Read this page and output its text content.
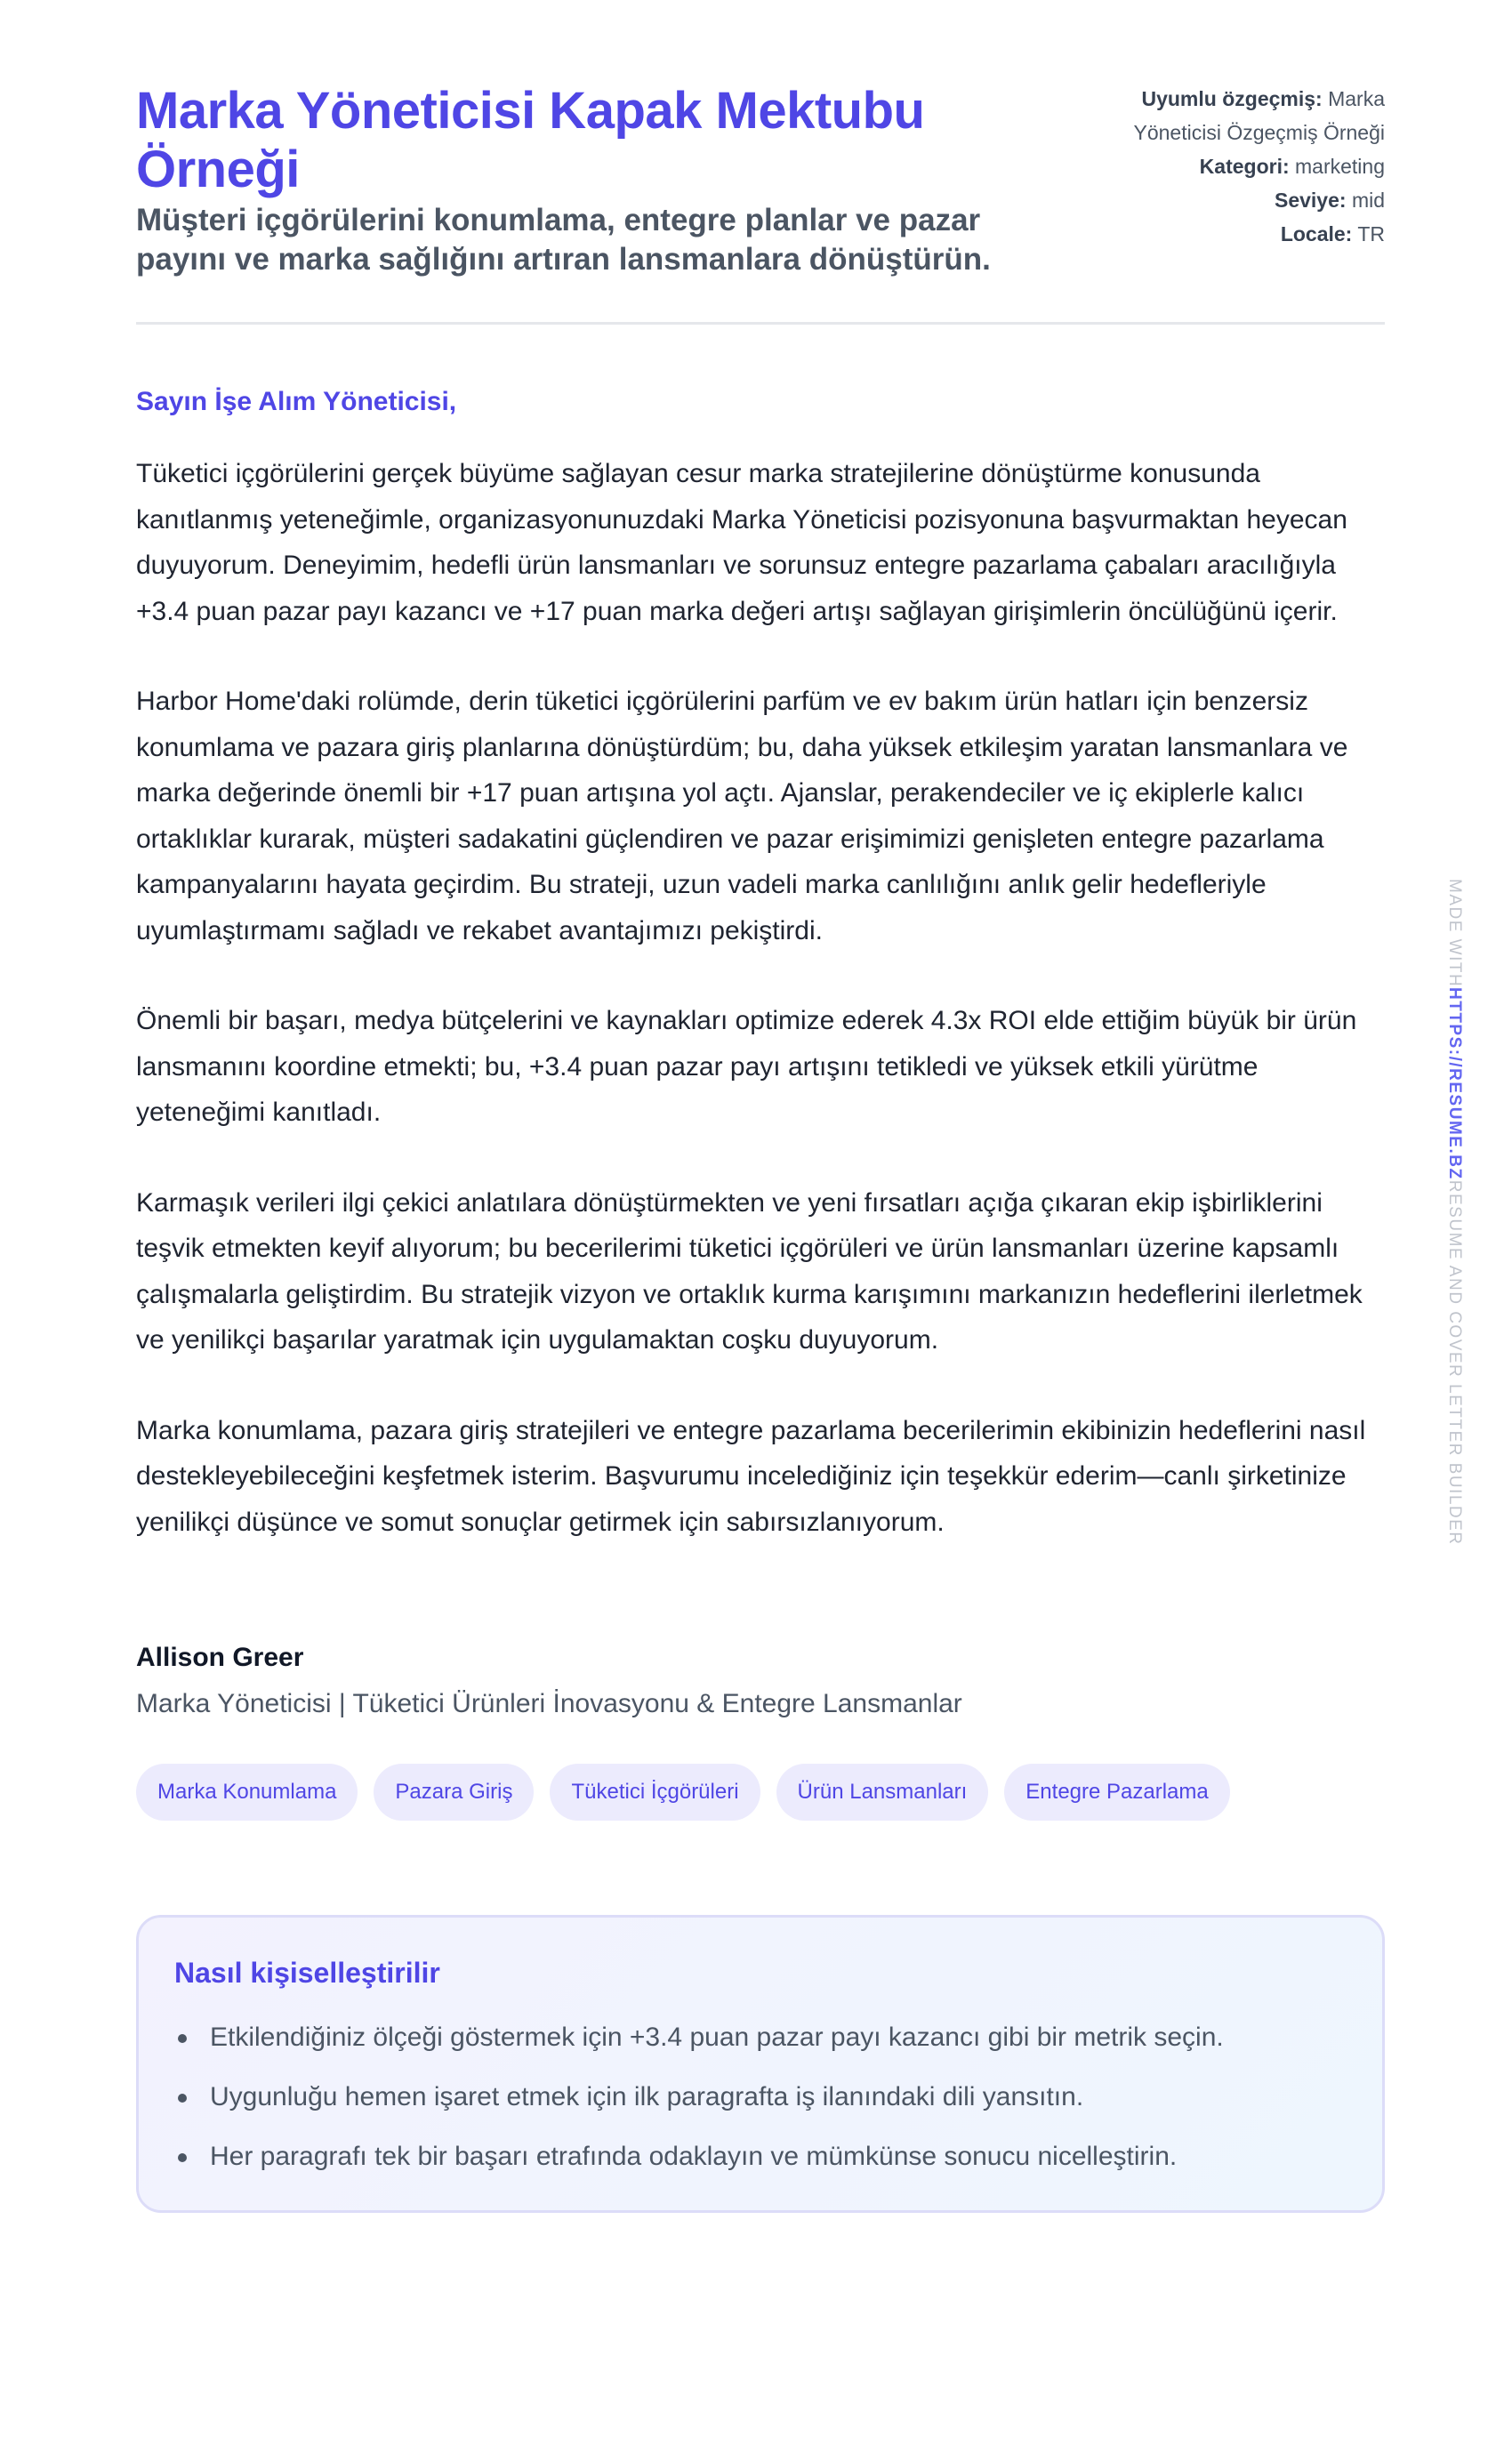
Marka Yöneticisi Kapak Mektubu Örneği
Müşteri içgörülerini konumlama, entegre planlar ve pazar payını ve marka sağlığını artıran lansmanlara dönüştürün.
Uyumlu özgeçmiş: Marka Yöneticisi Özgeçmiş Örneği
Kategori: marketing
Seviye: mid
Locale: TR
Sayın İşe Alım Yöneticisi,

Tüketici içgörülerini gerçek büyüme sağlayan cesur marka stratejilerine dönüştürme konusunda kanıtlanmış yeteneğimle, organizasyonunuzdaki Marka Yöneticisi pozisyonuna başvurmaktan heyecan duyuyorum. Deneyimim, hedefli ürün lansmanları ve sorunsuz entegre pazarlama çabaları aracılığıyla +3.4 puan pazar payı kazancı ve +17 puan marka değeri artışı sağlayan girişimlerin öncülüğünü içerir.

Harbor Home'daki rolümde, derin tüketici içgörülerini parfüm ve ev bakım ürün hatları için benzersiz konumlama ve pazara giriş planlarına dönüştürdüm; bu, daha yüksek etkileşim yaratan lansmanlara ve marka değerinde önemli bir +17 puan artışına yol açtı. Ajanslar, perakendeciler ve iç ekiplerle kalıcı ortaklıklar kurarak, müşteri sadakatini güçlendiren ve pazar erişimimizi genişleten entegre pazarlama kampanyalarını hayata geçirdim. Bu strateji, uzun vadeli marka canlılığını anlık gelir hedefleriyle uyumlaştırmamı sağladı ve rekabet avantajımızı pekiştirdi.

Önemli bir başarı, medya bütçelerini ve kaynakları optimize ederek 4.3x ROI elde ettiğim büyük bir ürün lansmanını koordine etmekti; bu, +3.4 puan pazar payı artışını tetikledi ve yüksek etkili yürütme yeteneğimi kanıtladı.

Karmaşık verileri ilgi çekici anlatılara dönüştürmekten ve yeni fırsatları açığa çıkaran ekip işbirliklerini teşvik etmekten keyif alıyorum; bu becerilerimi tüketici içgörüleri ve ürün lansmanları üzerine kapsamlı çalışmalarla geliştirdim. Bu stratejik vizyon ve ortaklık kurma karışımını markanızın hedeflerini ilerletmek ve yenilikçi başarılar yaratmak için uygulamaktan coşku duyuyorum.

Marka konumlama, pazara giriş stratejileri ve entegre pazarlama becerilerimin ekibinizin hedeflerini nasıl destekleyebileceğini keşfetmek isterim. Başvurumu incelediğiniz için teşekkür ederim—canlı şirketinize yenilikçi düşünce ve somut sonuçlar getirmek için sabırsızlanıyorum.

Allison Greer
Marka Yöneticisi | Tüketici Ürünleri İnovasyonu & Entegre Lansmanlar
Marka Konumlama	Pazara Giriş	Tüketici İçgörüleri	Ürün Lansmanları	Entegre Pazarlama
Nasıl kişiselleştirilir
Etkilendiğiniz ölçeği göstermek için +3.4 puan pazar payı kazancı gibi bir metrik seçin.
Uygunluğu hemen işaret etmek için ilk paragrafta iş ilanındaki dili yansıtın.
Her paragrafı tek bir başarı etrafında odaklayın ve mümkünse sonucu nicelleştirin.
MADE WITHHTTPS://RESUME.BZRESUME AND COVER LETTER BUILDER
